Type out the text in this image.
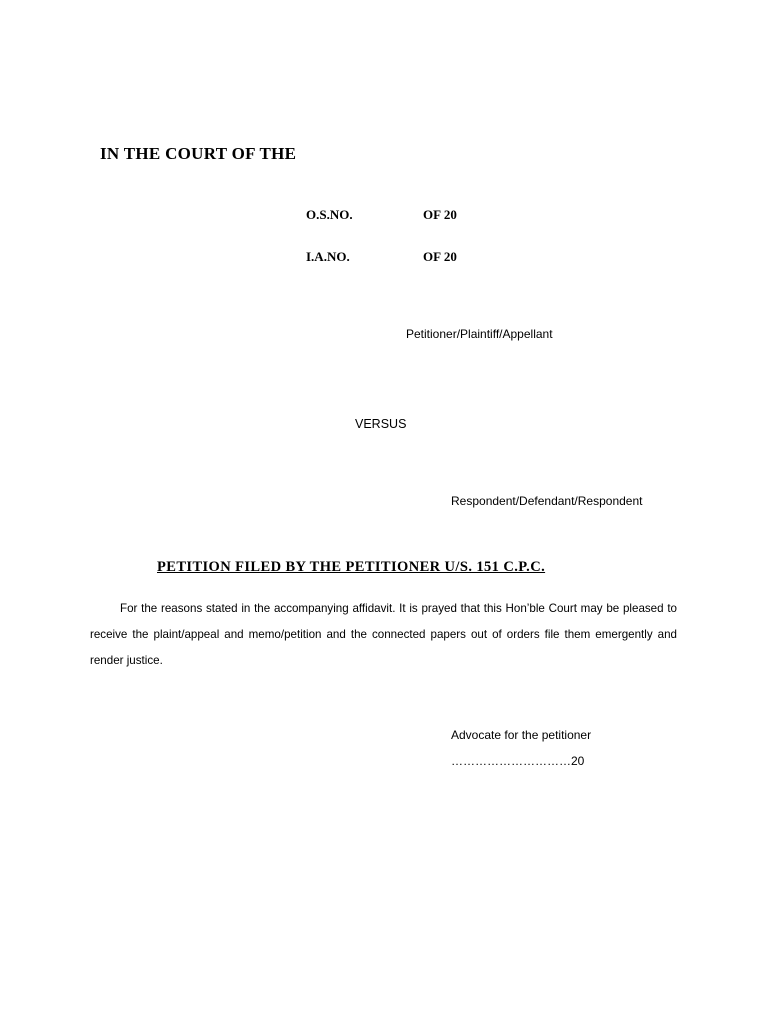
IN THE COURT OF THE
O.S.NO.	OF 20
I.A.NO.	OF 20
Petitioner/Plaintiff/Appellant
VERSUS
Respondent/Defendant/Respondent
PETITION FILED BY THE PETITIONER U/S. 151 C.P.C.

For the reasons stated in the accompanying affidavit. It is prayed that this Hon’ble Court may be pleased to receive the plaint/appeal and memo/petition and the connected papers out of orders file them emergently and render justice.

Advocate for the petitioner
…………………………20
